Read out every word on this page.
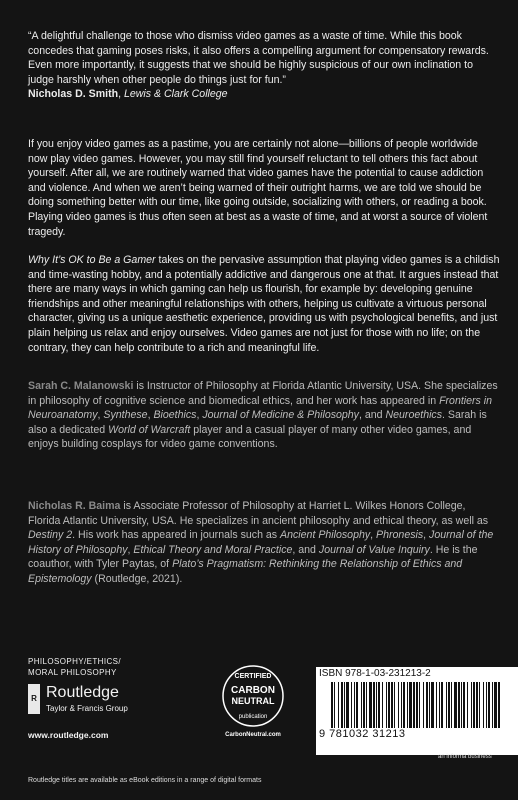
“A delightful challenge to those who dismiss video games as a waste of time. While this book concedes that gaming poses risks, it also offers a compelling argument for compensatory rewards. Even more importantly, it suggests that we should be highly suspicious of our own inclination to judge harshly when other people do things just for fun.”
Nicholas D. Smith, Lewis & Clark College

If you enjoy video games as a pastime, you are certainly not alone—billions of people worldwide now play video games. However, you may still find yourself reluctant to tell others this fact about yourself. After all, we are routinely warned that video games have the potential to cause addiction and violence. And when we aren’t being warned of their outright harms, we are told we should be doing something better with our time, like going outside, socializing with others, or reading a book. Playing video games is thus often seen at best as a waste of time, and at worst a source of violent tragedy.

Why It’s OK to Be a Gamer takes on the pervasive assumption that playing video games is a childish and time-wasting hobby, and a potentially addictive and dangerous one at that. It argues instead that there are many ways in which gaming can help us flourish, for example by: developing genuine friendships and other meaningful relationships with others, helping us cultivate a virtuous personal character, giving us a unique aesthetic experience, providing us with psychological benefits, and just plain helping us relax and enjoy ourselves. Video games are not just for those with no life; on the contrary, they can help contribute to a rich and meaningful life.

Sarah C. Malanowski is Instructor of Philosophy at Florida Atlantic University, USA. She specializes in philosophy of cognitive science and biomedical ethics, and her work has appeared in Frontiers in Neuroanatomy, Synthese, Bioethics, Journal of Medicine & Philosophy, and Neuroethics. Sarah is also a dedicated World of Warcraft player and a casual player of many other video games, and enjoys building cosplays for video game conventions.

Nicholas R. Baima is Associate Professor of Philosophy at Harriet L. Wilkes Honors College, Florida Atlantic University, USA. He specializes in ancient philosophy and ethical theory, as well as Destiny 2. His work has appeared in journals such as Ancient Philosophy, Phronesis, Journal of the History of Philosophy, Ethical Theory and Moral Practice, and Journal of Value Inquiry. He is the coauthor, with Tyler Paytas, of Plato’s Pragmatism: Rethinking the Relationship of Ethics and Epistemology (Routledge, 2021).

PHILOSOPHY/ETHICS/
MORAL PHILOSOPHY

R Routledge

Taylor & Francis Group

www.routledge.com

CERTIFIED
CARBON
NEUTRAL
publication

CarbonNeutral.com

ISBN 978-1-03-231213-2

9 781032 31213

an informa business

Routledge titles are available as eBook editions in a range of digital formats
